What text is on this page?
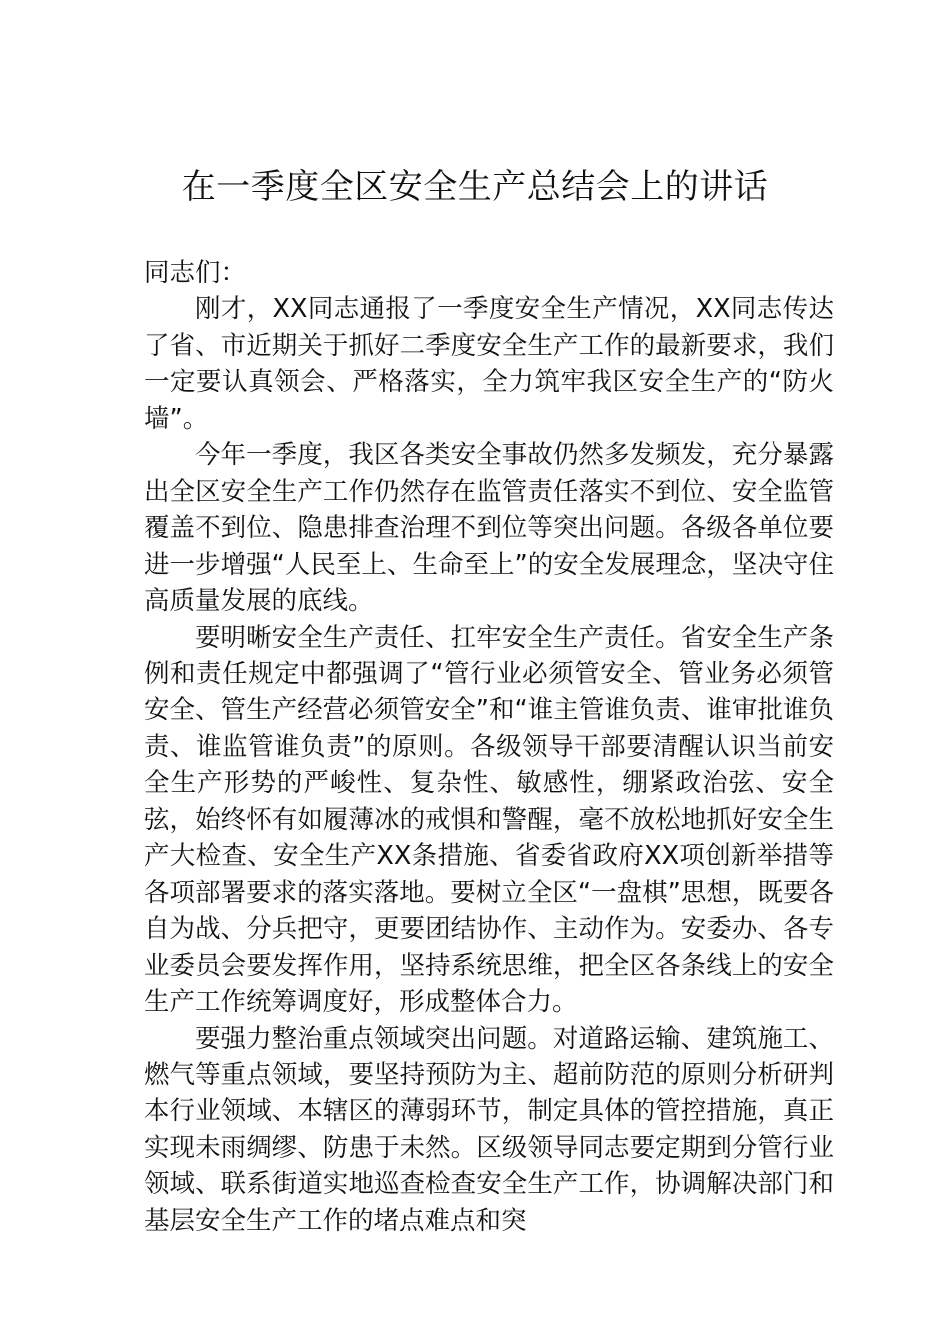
在一季度全区安全生产总结会上的讲话

同志们：

刚才，XX同志通报了一季度安全生产情况，XX同志传达了省、市近期关于抓好二季度安全生产工作的最新要求，我们一定要认真领会、严格落实，全力筑牢我区安全生产的“防火墙”。

今年一季度，我区各类安全事故仍然多发频发，充分暴露出全区安全生产工作仍然存在监管责任落实不到位、安全监管覆盖不到位、隐患排查治理不到位等突出问题。各级各单位要进一步增强“人民至上、生命至上”的安全发展理念，坚决守住高质量发展的底线。

要明晰安全生产责任、扛牢安全生产责任。省安全生产条例和责任规定中都强调了“管行业必须管安全、管业务必须管安全、管生产经营必须管安全”和“谁主管谁负责、谁审批谁负责、谁监管谁负责”的原则。各级领导干部要清醒认识当前安全生产形势的严峻性、复杂性、敏感性，绷紧政治弦、安全弦，始终怀有如履薄冰的戒惧和警醒，毫不放松地抓好安全生产大检查、安全生产XX条措施、省委省政府XX项创新举措等各项部署要求的落实落地。要树立全区“一盘棋”思想，既要各自为战、分兵把守，更要团结协作、主动作为。安委办、各专业委员会要发挥作用，坚持系统思维，把全区各条线上的安全生产工作统筹调度好，形成整体合力。

要强力整治重点领域突出问题。对道路运输、建筑施工、燃气等重点领域，要坚持预防为主、超前防范的原则分析研判本行业领域、本辖区的薄弱环节，制定具体的管控措施，真正实现未雨绸缪、防患于未然。区级领导同志要定期到分管行业领域、联系街道实地巡查检查安全生产工作，协调解决部门和基层安全生产工作的堵点难点和突
